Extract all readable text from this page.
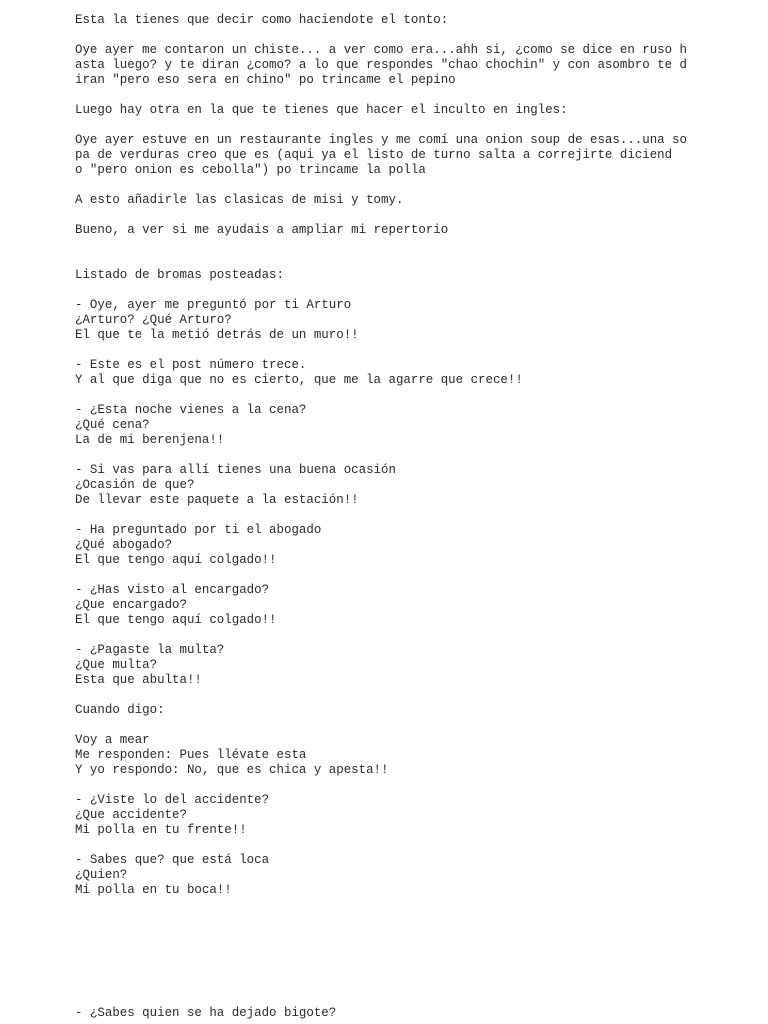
Esta la tienes que decir como haciendote el tonto:
Oye ayer me contaron un chiste... a ver como era...ahh si, ¿como se dice en ruso h
asta luego? y te diran ¿como? a lo que respondes "chao chochin" y con asombro te d
iran "pero eso sera en chino" po trincame el pepino
Luego hay otra en la que te tienes que hacer el inculto en ingles:
Oye ayer estuve en un restaurante ingles y me comí una onion soup de esas...una so
pa de verduras creo que es (aqui ya el listo de turno salta a correjirte diciend
o "pero onion es cebolla") po trincame la polla
A esto añadirle las clasicas de misi y tomy.
Bueno, a ver si me ayudais a ampliar mi repertorio
Listado de bromas posteadas:
- Oye, ayer me preguntó por ti Arturo
¿Arturo? ¿Qué Arturo?
El que te la metió detrás de un muro!!
- Este es el post número trece.
Y al que diga que no es cierto, que me la agarre que crece!!
- ¿Esta noche vienes a la cena?
¿Qué cena?
La de mi berenjena!!
- Si vas para allí tienes una buena ocasión
¿Ocasión de que?
De llevar este paquete a la estación!!
- Ha preguntado por ti el abogado
¿Qué abogado?
El que tengo aquí colgado!!
- ¿Has visto al encargado?
¿Que encargado?
El que tengo aquí colgado!!
- ¿Pagaste la multa?
¿Que multa?
Esta que abulta!!
Cuando digo:
Voy a mear
Me responden: Pues llévate esta
Y yo respondo: No, que es chica y apesta!!
- ¿Viste lo del accidente?
¿Que accidente?
Mi polla en tu frente!!
- Sabes que? que está loca
¿Quien?
Mi polla en tu boca!!
- ¿Sabes quien se ha dejado bigote?
